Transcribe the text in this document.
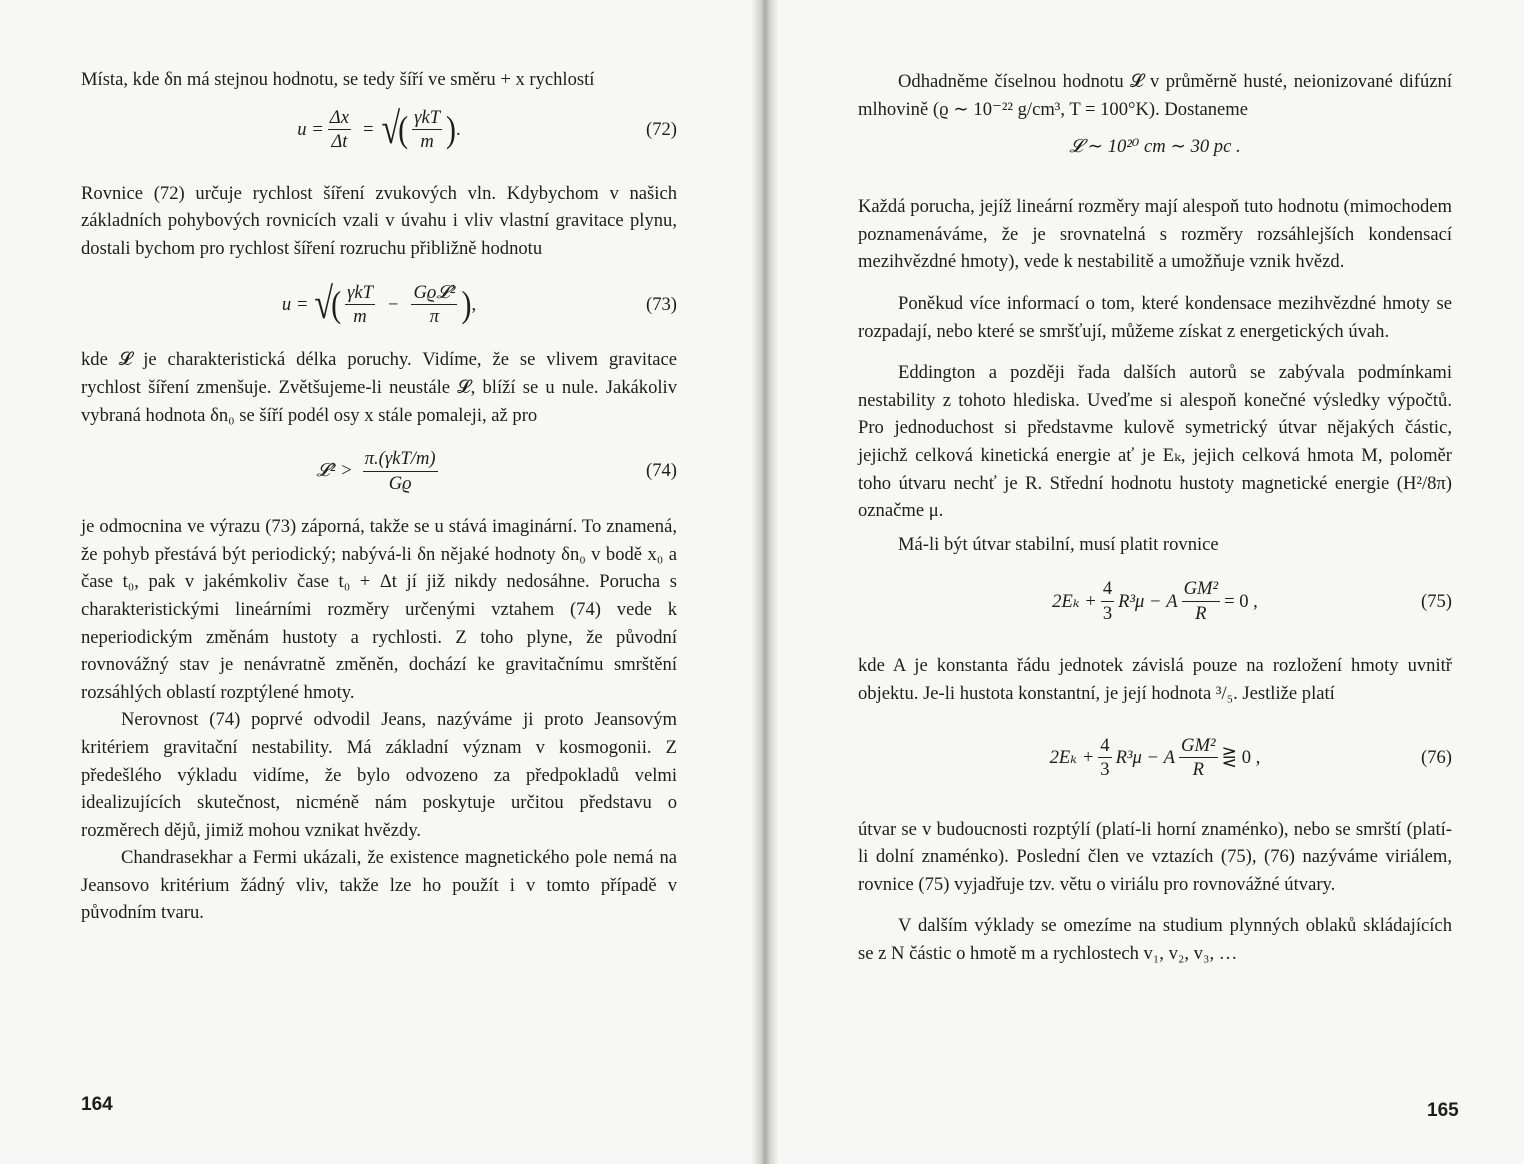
Místa, kde δn má stejnou hodnotu, se tedy šíří ve směru + x rychlostí

$u = \frac{\Delta x}{\Delta t}$ = √
( $\frac{\text{γkT}}{m}$ ) .	(72)

Rovnice (72) určuje rychlost šíření zvukových vln. Kdybychom v našich základních pohybových rovnicích vzali v úvahu i vliv vlastní gravitace plynu, dostali bychom pro rychlost šíření rozruchu přibližně hodnotu

u = √
( $\frac{\text{γkT}}{m} - \frac{\text{Gϱ𝓛²}}{\pi}$ ) ,	(73)

kde 𝓛 je charakteristická délka poruchy. Vidíme, že se vlivem gravitace rychlost šíření zmenšuje. Zvětšujeme-li neustále 𝓛, blíží se u nule. Jakákoliv vybraná hodnota δn₀ se šíří podél osy x stále pomaleji, až pro

𝓛² > $\frac{\text{π.(γkT/m)}}{Gϱ}$	(74)

je odmocnina ve výrazu (73) záporná, takže se u stává imaginární. To znamená, že pohyb přestává být periodický; nabývá-li δn nějaké hodnoty δn₀ v bodě x₀ a čase t₀, pak v jakémkoliv čase t₀ + Δt jí již nikdy nedosáhne. Porucha s charakteristickými lineárními rozměry určenými vztahem (74) vede k neperiodickým změnám hustoty a rychlosti. Z toho plyne, že původní rovnovážný stav je nenávratně změněn, dochází ke gravitačnímu smrštění rozsáhlých oblastí rozptýlené hmoty.

Nerovnost (74) poprvé odvodil Jeans, nazýváme ji proto Jeansovým kritériem gravitační nestability. Má základní význam v kosmogonii. Z předešlého výkladu vidíme, že bylo odvozeno za předpokladů velmi idealizujících skutečnost, nicméně nám poskytuje určitou představu o rozměrech dějů, jimiž mohou vznikat hvězdy.

Chandrasekhar a Fermi ukázali, že existence magnetického pole nemá na Jeansovo kritérium žádný vliv, takže lze ho použít i v tomto případě v původním tvaru.

164

Odhadněme číselnou hodnotu 𝓛 v průměrně husté, neionizované difúzní mlhovině (ϱ ∼ 10⁻²² g/cm³, T = 100°K). Dostaneme

𝓛 ∼ 10²⁰ cm ∼ 30 pc .

Každá porucha, jejíž lineární rozměry mají alespoň tuto hodnotu (mimochodem poznamenáváme, že je srovnatelná s rozměry rozsáhlejších kondensací mezihvězdné hmoty), vede k nestabilitě a umožňuje vznik hvězd.

Poněkud více informací o tom, které kondensace mezihvězdné hmoty se rozpadají, nebo které se smršťují, můžeme získat z energetických úvah.

Eddington a později řada dalších autorů se zabývala podmínkami nestability z tohoto hlediska. Uveďme si alespoň konečné výsledky výpočtů. Pro jednoduchost si představme kulově symetrický útvar nějakých částic, jejichž celková kinetická energie ať je Eₖ, jejich celková hmota M, poloměr toho útvaru nechť je R. Střední hodnotu hustoty magnetické energie (H²/8π) označme μ.

Má-li být útvar stabilní, musí platit rovnice

$2E_k + \frac{4}{3} R^3\mu - A \frac{\text{GM²}}{R} = 0$ ,	(75)

kde A je konstanta řádu jednotek závislá pouze na rozložení hmoty uvnitř objektu. Je-li hustota konstantní, je její hodnota ³/₅. Jestliže platí

$2E_k + \frac{4}{3} R^3\mu - A \frac{\text{GM²}}{R}$ ⋛ 0 ,	(76)

útvar se v budoucnosti rozptýlí (platí-li horní znaménko), nebo se smrští (platí-li dolní znaménko). Poslední člen ve vztazích (75), (76) nazýváme viriálem, rovnice (75) vyjadřuje tzv. větu o viriálu pro rovnovážné útvary.

V dalším výklady se omezíme na studium plynných oblaků skládajících se z N částic o hmotě m a rychlostech v₁, v₂, v₃, …

165
